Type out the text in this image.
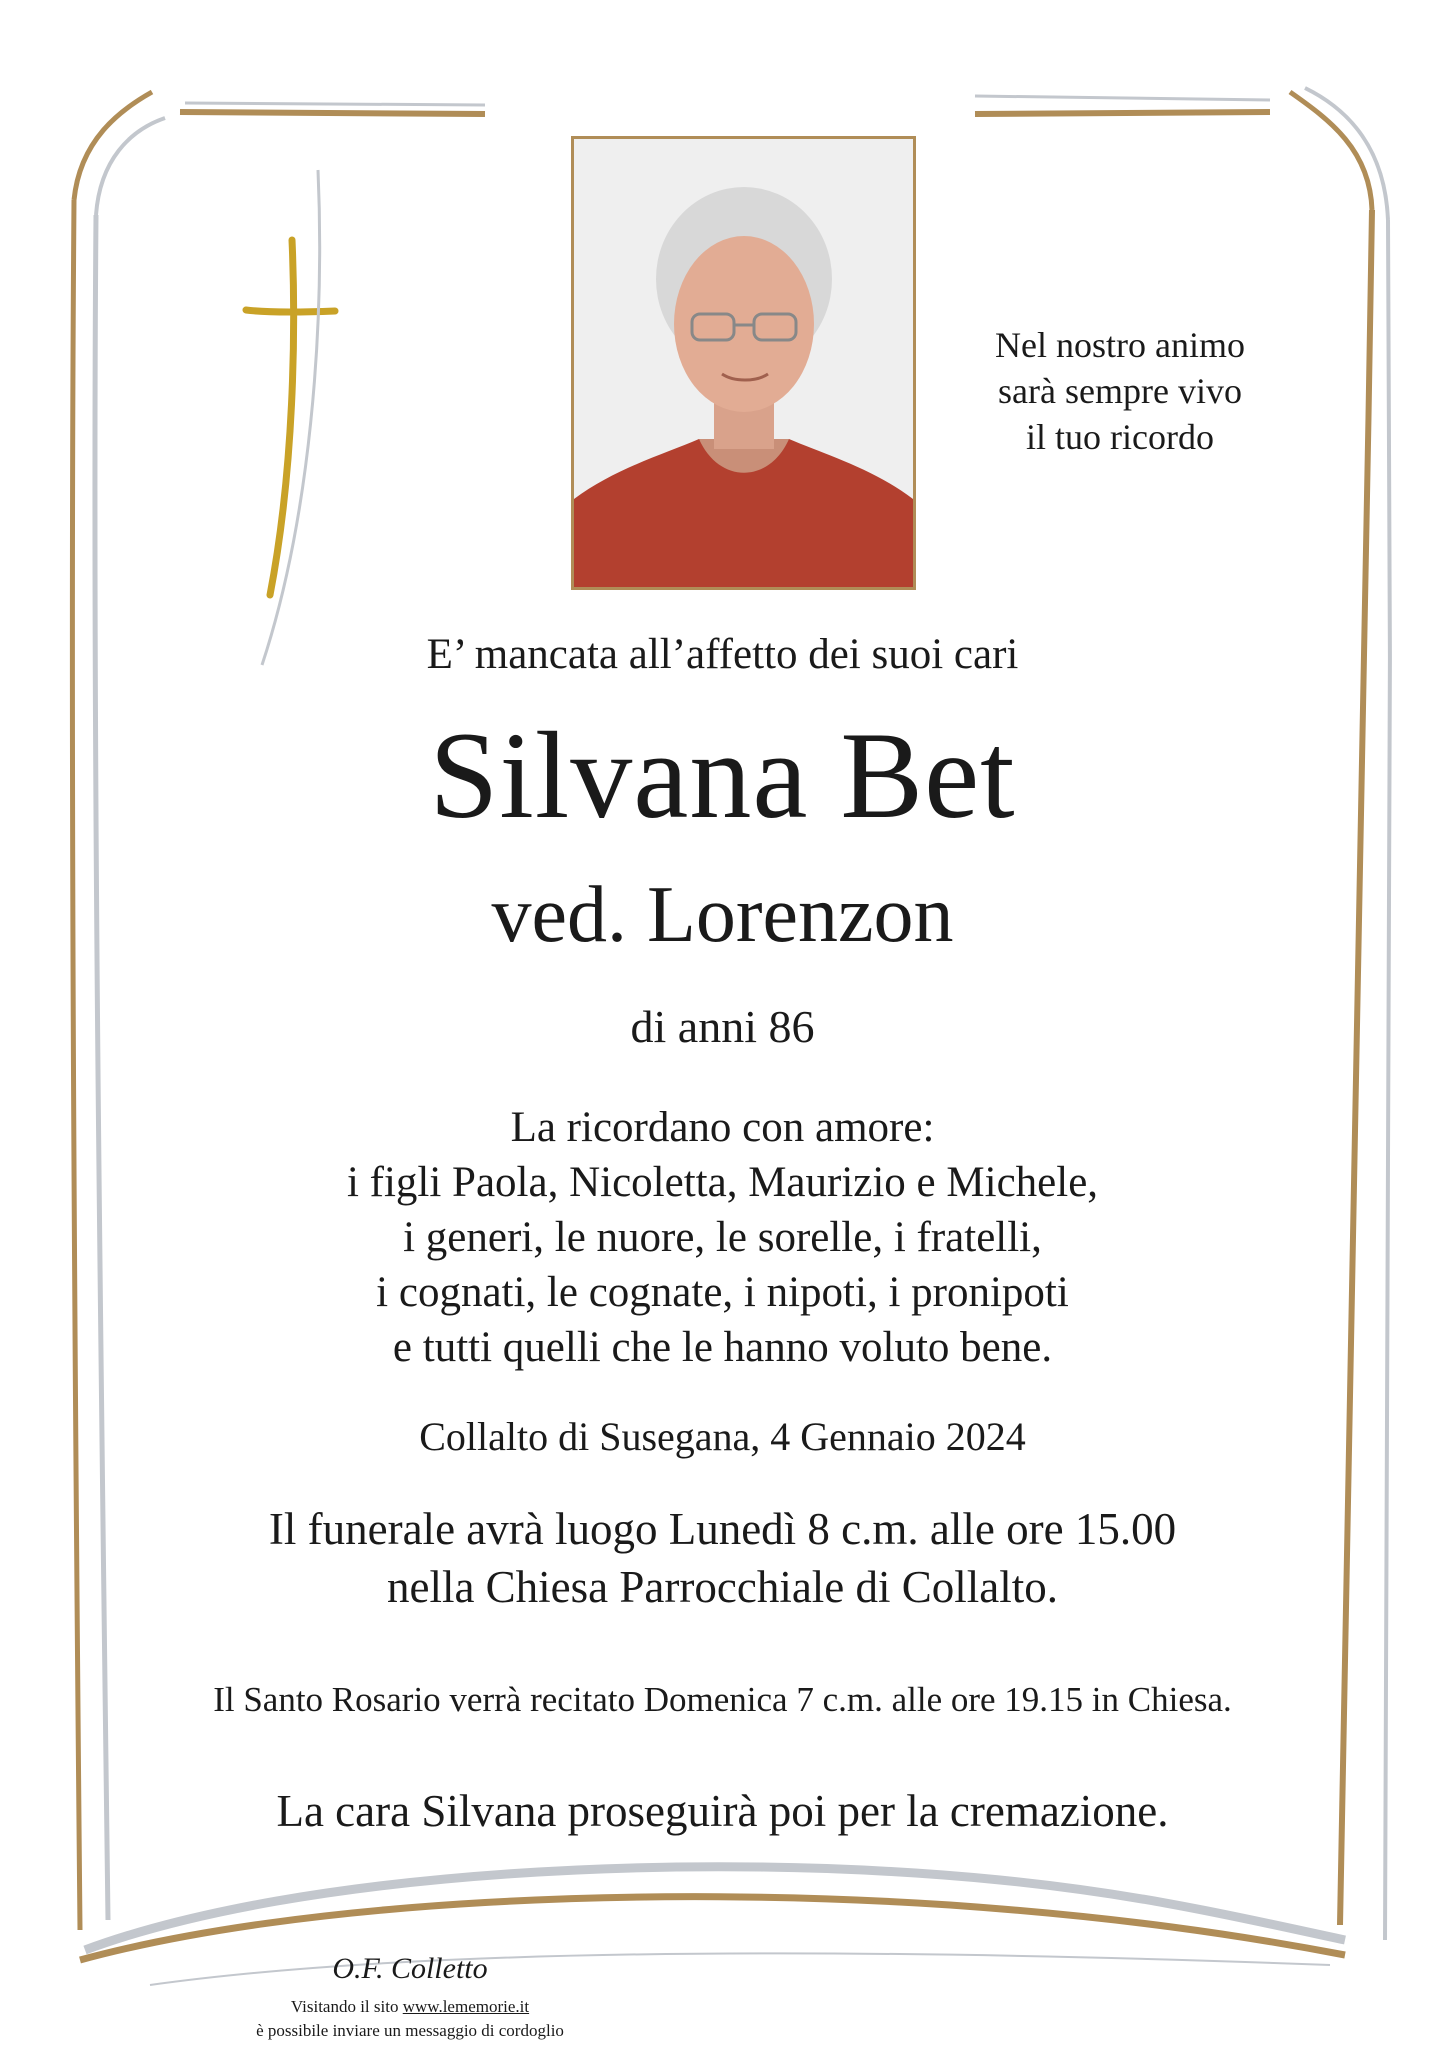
Nel nostro animo
sarà sempre vivo
il tuo ricordo
E’ mancata all’affetto dei suoi cari
Silvana Bet
ved. Lorenzon
di anni 86
La ricordano con amore:
i figli Paola, Nicoletta, Maurizio e Michele,
i generi, le nuore, le sorelle, i fratelli,
i cognati, le cognate, i nipoti, i pronipoti
e tutti quelli che le hanno voluto bene.
Collalto di Susegana, 4 Gennaio 2024
Il funerale avrà luogo Lunedì 8 c.m. alle ore 15.00
nella Chiesa Parrocchiale di Collalto.
Il Santo Rosario verrà recitato Domenica 7 c.m. alle ore 19.15 in Chiesa.
La cara Silvana proseguirà poi per la cremazione.
O.F. Colletto
Visitando il sito www.lememorie.it
è possibile inviare un messaggio di cordoglio
